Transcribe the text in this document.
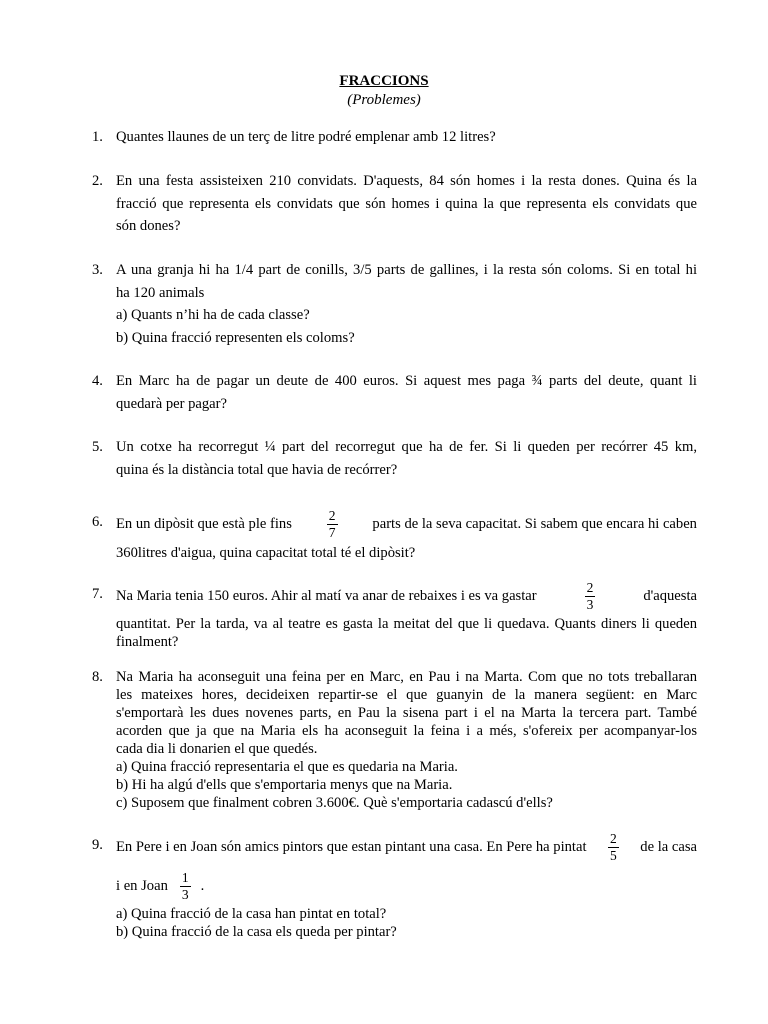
FRACCIONS
(Problemes)
1. Quantes llaunes de un terç de litre podré emplenar amb 12 litres?
2. En una festa assisteixen 210 convidats. D'aquests, 84 són homes i la resta dones. Quina és la
fracció que representa els convidats que són homes i quina la que representa els convidats que
són dones?
3. A una granja hi ha 1/4 part de conills, 3/5 parts de gallines, i la resta són coloms. Si en total hi
ha 120 animals
a) Quants n’hi ha de cada classe?
b) Quina fracció representen els coloms?
4. En Marc ha de pagar un deute de 400 euros. Si aquest mes paga ¾ parts del deute, quant li
quedarà per pagar?
5. Un cotxe ha recorregut ¼ part del recorregut que ha de fer. Si li queden per recórrer 45 km,
quina és la distància total que havia de recórrer?
6. En un dipòsit que està ple fins	$\frac{2}{7}$ parts de la seva capacitat. Si sabem que encara hi caben
360litres d'aigua, quina capacitat total té el dipòsit?
7. Na Maria tenia 150 euros. Ahir al matí va anar de rebaixes i es va gastar	$\frac{2}{3}$	d'aquesta
quantitat. Per la tarda, va al teatre es gasta la meitat del que li quedava. Quants diners li queden
finalment?
8. Na Maria ha aconseguit una feina per en Marc, en Pau i na Marta. Com que no tots treballaran
les mateixes hores, decideixen repartir-se el que guanyin de la manera següent: en Marc
s'emportarà les dues novenes parts, en Pau la sisena part i el na Marta la tercera part. També
acorden que ja que na Maria els ha aconseguit la feina i a més, s'ofereix per acompanyar-los
cada dia li donarien el que quedés.
a) Quina fracció representaria el que es quedaria na Maria.
b) Hi ha algú d'ells que s'emportaria menys que na Maria.
c) Suposem que finalment cobren 3.600€. Què s'emportaria cadascú d'ells?
9. En Pere i en Joan són amics pintors que estan pintant una casa. En Pere ha pintat $\frac{2}{5}$ de la casa
i en Joan $\frac{1}{3}$ .
a) Quina fracció de la casa han pintat en total?
b) Quina fracció de la casa els queda per pintar?
